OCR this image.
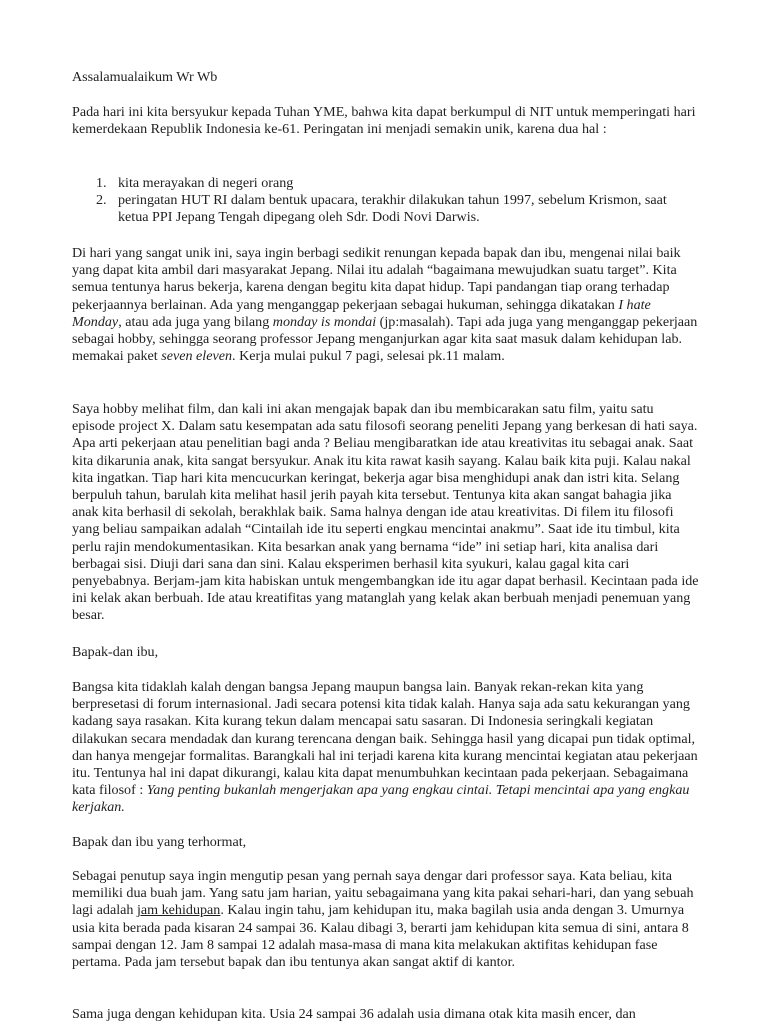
Assalamualaikum Wr Wb

Pada hari ini kita bersyukur kepada Tuhan YME, bahwa kita dapat berkumpul di NIT untuk memperingati hari kemerdekaan Republik Indonesia ke-61. Peringatan ini menjadi semakin unik, karena dua hal :

1. kita merayakan di negeri orang
2. peringatan HUT RI dalam bentuk upacara, terakhir dilakukan tahun 1997, sebelum Krismon, saat ketua PPI Jepang Tengah dipegang oleh Sdr. Dodi Novi Darwis.

Di hari yang sangat unik ini, saya ingin berbagi sedikit renungan kepada bapak dan ibu, mengenai nilai baik yang dapat kita ambil dari masyarakat Jepang. Nilai itu adalah “bagaimana mewujudkan suatu target”. Kita semua tentunya harus bekerja, karena dengan begitu kita dapat hidup. Tapi pandangan tiap orang terhadap pekerjaannya berlainan. Ada yang menganggap pekerjaan sebagai hukuman, sehingga dikatakan I hate Monday, atau ada juga yang bilang monday is mondai (jp:masalah). Tapi ada juga yang menganggap pekerjaan sebagai hobby, sehingga seorang professor Jepang menganjurkan agar kita saat masuk dalam kehidupan lab. memakai paket seven eleven. Kerja mulai pukul 7 pagi, selesai pk.11 malam.

Saya hobby melihat film, dan kali ini akan mengajak bapak dan ibu membicarakan satu film, yaitu satu episode project X. Dalam satu kesempatan ada satu filosofi seorang peneliti Jepang yang berkesan di hati saya. Apa arti pekerjaan atau penelitian bagi anda ? Beliau mengibaratkan ide atau kreativitas itu sebagai anak. Saat kita dikarunia anak, kita sangat bersyukur. Anak itu kita rawat kasih sayang. Kalau baik kita puji. Kalau nakal kita ingatkan. Tiap hari kita mencucurkan keringat, bekerja agar bisa menghidupi anak dan istri kita. Selang berpuluh tahun, barulah kita melihat hasil jerih payah kita tersebut. Tentunya kita akan sangat bahagia jika anak kita berhasil di sekolah, berakhlak baik. Sama halnya dengan ide atau kreativitas. Di filem itu filosofi yang beliau sampaikan adalah “Cintailah ide itu seperti engkau mencintai anakmu”. Saat ide itu timbul, kita perlu rajin mendokumentasikan. Kita besarkan anak yang bernama “ide” ini setiap hari, kita analisa dari berbagai sisi. Diuji dari sana dan sini. Kalau eksperimen berhasil kita syukuri, kalau gagal kita cari penyebabnya. Berjam-jam kita habiskan untuk mengembangkan ide itu agar dapat berhasil. Kecintaan pada ide ini kelak akan berbuah. Ide atau kreatifitas yang matanglah yang kelak akan berbuah menjadi penemuan yang besar.

Bapak-dan ibu,

Bangsa kita tidaklah kalah dengan bangsa Jepang maupun bangsa lain. Banyak rekan-rekan kita yang berpresetasi di forum internasional. Jadi secara potensi kita tidak kalah. Hanya saja ada satu kekurangan yang kadang saya rasakan. Kita kurang tekun dalam mencapai satu sasaran. Di Indonesia seringkali kegiatan dilakukan secara mendadak dan kurang terencana dengan baik. Sehingga hasil yang dicapai pun tidak optimal, dan hanya mengejar formalitas. Barangkali hal ini terjadi karena kita kurang mencintai kegiatan atau pekerjaan itu. Tentunya hal ini dapat dikurangi, kalau kita dapat menumbuhkan kecintaan pada pekerjaan. Sebagaimana kata filosof : Yang penting bukanlah mengerjakan apa yang engkau cintai. Tetapi mencintai apa yang engkau kerjakan.

Bapak dan ibu yang terhormat,

Sebagai penutup saya ingin mengutip pesan yang pernah saya dengar dari professor saya. Kata beliau, kita memiliki dua buah jam. Yang satu jam harian, yaitu sebagaimana yang kita pakai sehari-hari, dan yang sebuah lagi adalah jam kehidupan. Kalau ingin tahu, jam kehidupan itu, maka bagilah usia anda dengan 3. Umurnya usia kita berada pada kisaran 24 sampai 36. Kalau dibagi 3, berarti jam kehidupan kita semua di sini, antara 8 sampai dengan 12. Jam 8 sampai 12 adalah masa-masa di mana kita melakukan aktifitas kehidupan fase pertama. Pada jam tersebut bapak dan ibu tentunya akan sangat aktif di kantor.

Sama juga dengan kehidupan kita. Usia 24 sampai 36 adalah usia dimana otak kita masih encer, dan
